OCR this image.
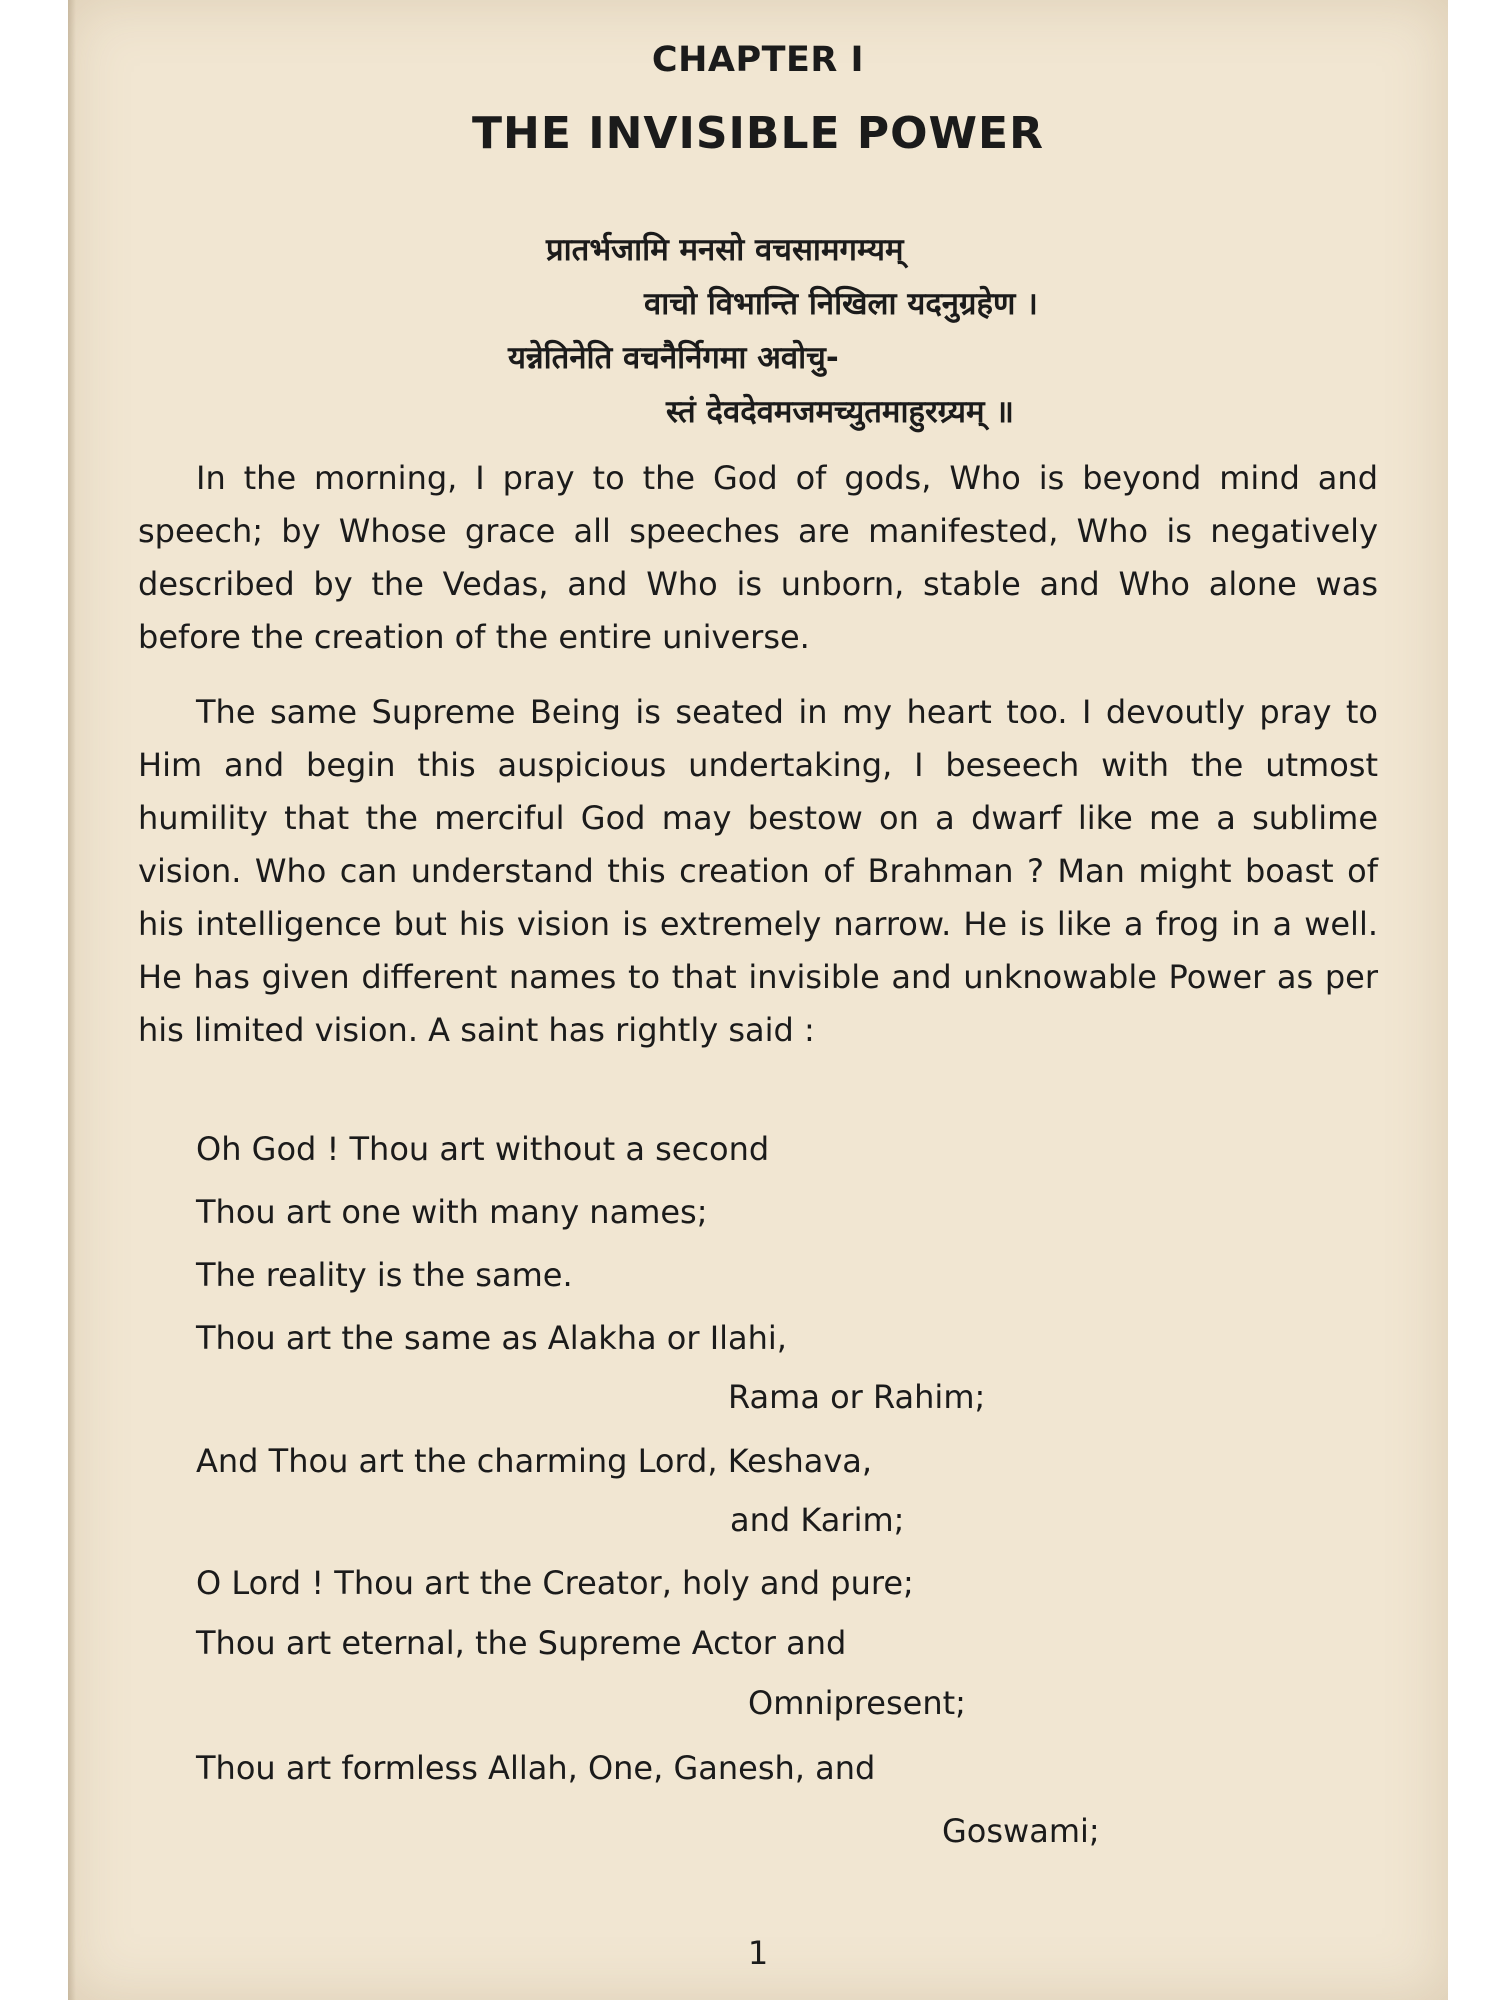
CHAPTER I
THE INVISIBLE POWER
प्रातर्भजामि मनसो वचसामगम्यम्
वाचो विभान्ति निखिला यदनुग्रहेण ।
यन्नेतिनेति वचनैर्निगमा अवोचु-
स्तं देवदेवमजमच्युतमाहुरग्र्यम् ॥

In the morning, I pray to the God of gods, Who is beyond mind and speech; by Whose grace all speeches are manifested, Who is negatively described by the Vedas, and Who is unborn, stable and Who alone was before the creation of the entire universe.

The same Supreme Being is seated in my heart too. I devoutly pray to Him and begin this auspicious undertaking, I beseech with the utmost humility that the merciful God may bestow on a dwarf like me a sublime vision. Who can understand this creation of Brahman ? Man might boast of his intelligence but his vision is extremely narrow. He is like a frog in a well. He has given different names to that invisible and unknowable Power as per his limited vision. A saint has rightly said :

Oh God ! Thou art without a second
Thou art one with many names;
The reality is the same.
Thou art the same as Alakha or Ilahi,
Rama or Rahim;
And Thou art the charming Lord, Keshava,
and Karim;
O Lord ! Thou art the Creator, holy and pure;
Thou art eternal, the Supreme Actor and
Omnipresent;
Thou art formless Allah, One, Ganesh, and
Goswami;
1
